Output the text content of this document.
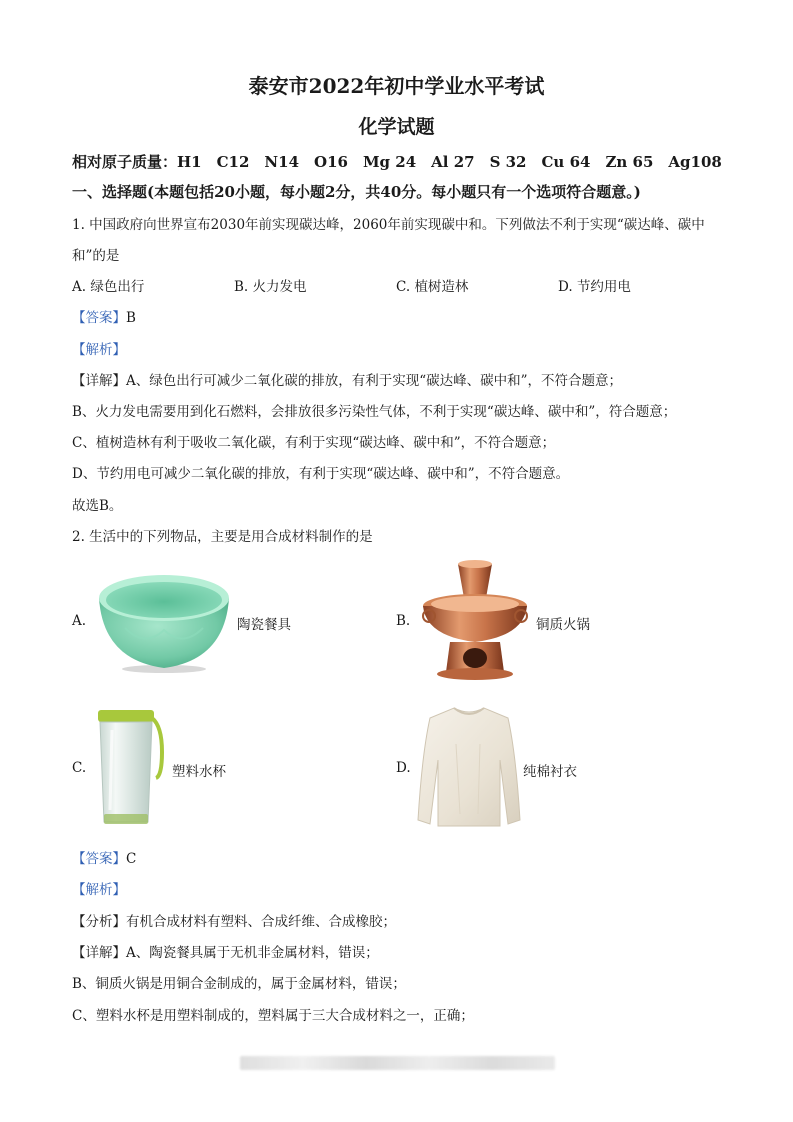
泰安市2022年初中学业水平考试
化学试题
相对原子质量：H1　C12　N14　O16　Mg 24　Al 27　S 32　Cu 64　Zn 65　Ag108
一、选择题(本题包括20小题，每小题2分，共40分。每小题只有一个选项符合题意。)
1. 中国政府向世界宣布2030年前实现碳达峰，2060年前实现碳中和。下列做法不利于实现“碳达峰、碳中
和”的是
A. 绿色出行	B. 火力发电	C. 植树造林	D. 节约用电
【答案】B
【解析】
【详解】A、绿色出行可减少二氧化碳的排放，有利于实现“碳达峰、碳中和”，不符合题意；
B、火力发电需要用到化石燃料，会排放很多污染性气体，不利于实现“碳达峰、碳中和”，符合题意；
C、植树造林有利于吸收二氧化碳，有利于实现“碳达峰、碳中和”，不符合题意；
D、节约用电可减少二氧化碳的排放，有利于实现“碳达峰、碳中和”，不符合题意。
故选B。
2. 生活中的下列物品，主要是用合成材料制作的是
A.	陶瓷餐具	B.	铜质火锅
C.	塑料水杯	D.	纯棉衬衣
【答案】C
【解析】
【分析】有机合成材料有塑料、合成纤维、合成橡胶；
【详解】A、陶瓷餐具属于无机非金属材料，错误；
B、铜质火锅是用铜合金制成的，属于金属材料，错误；
C、塑料水杯是用塑料制成的，塑料属于三大合成材料之一，正确；
